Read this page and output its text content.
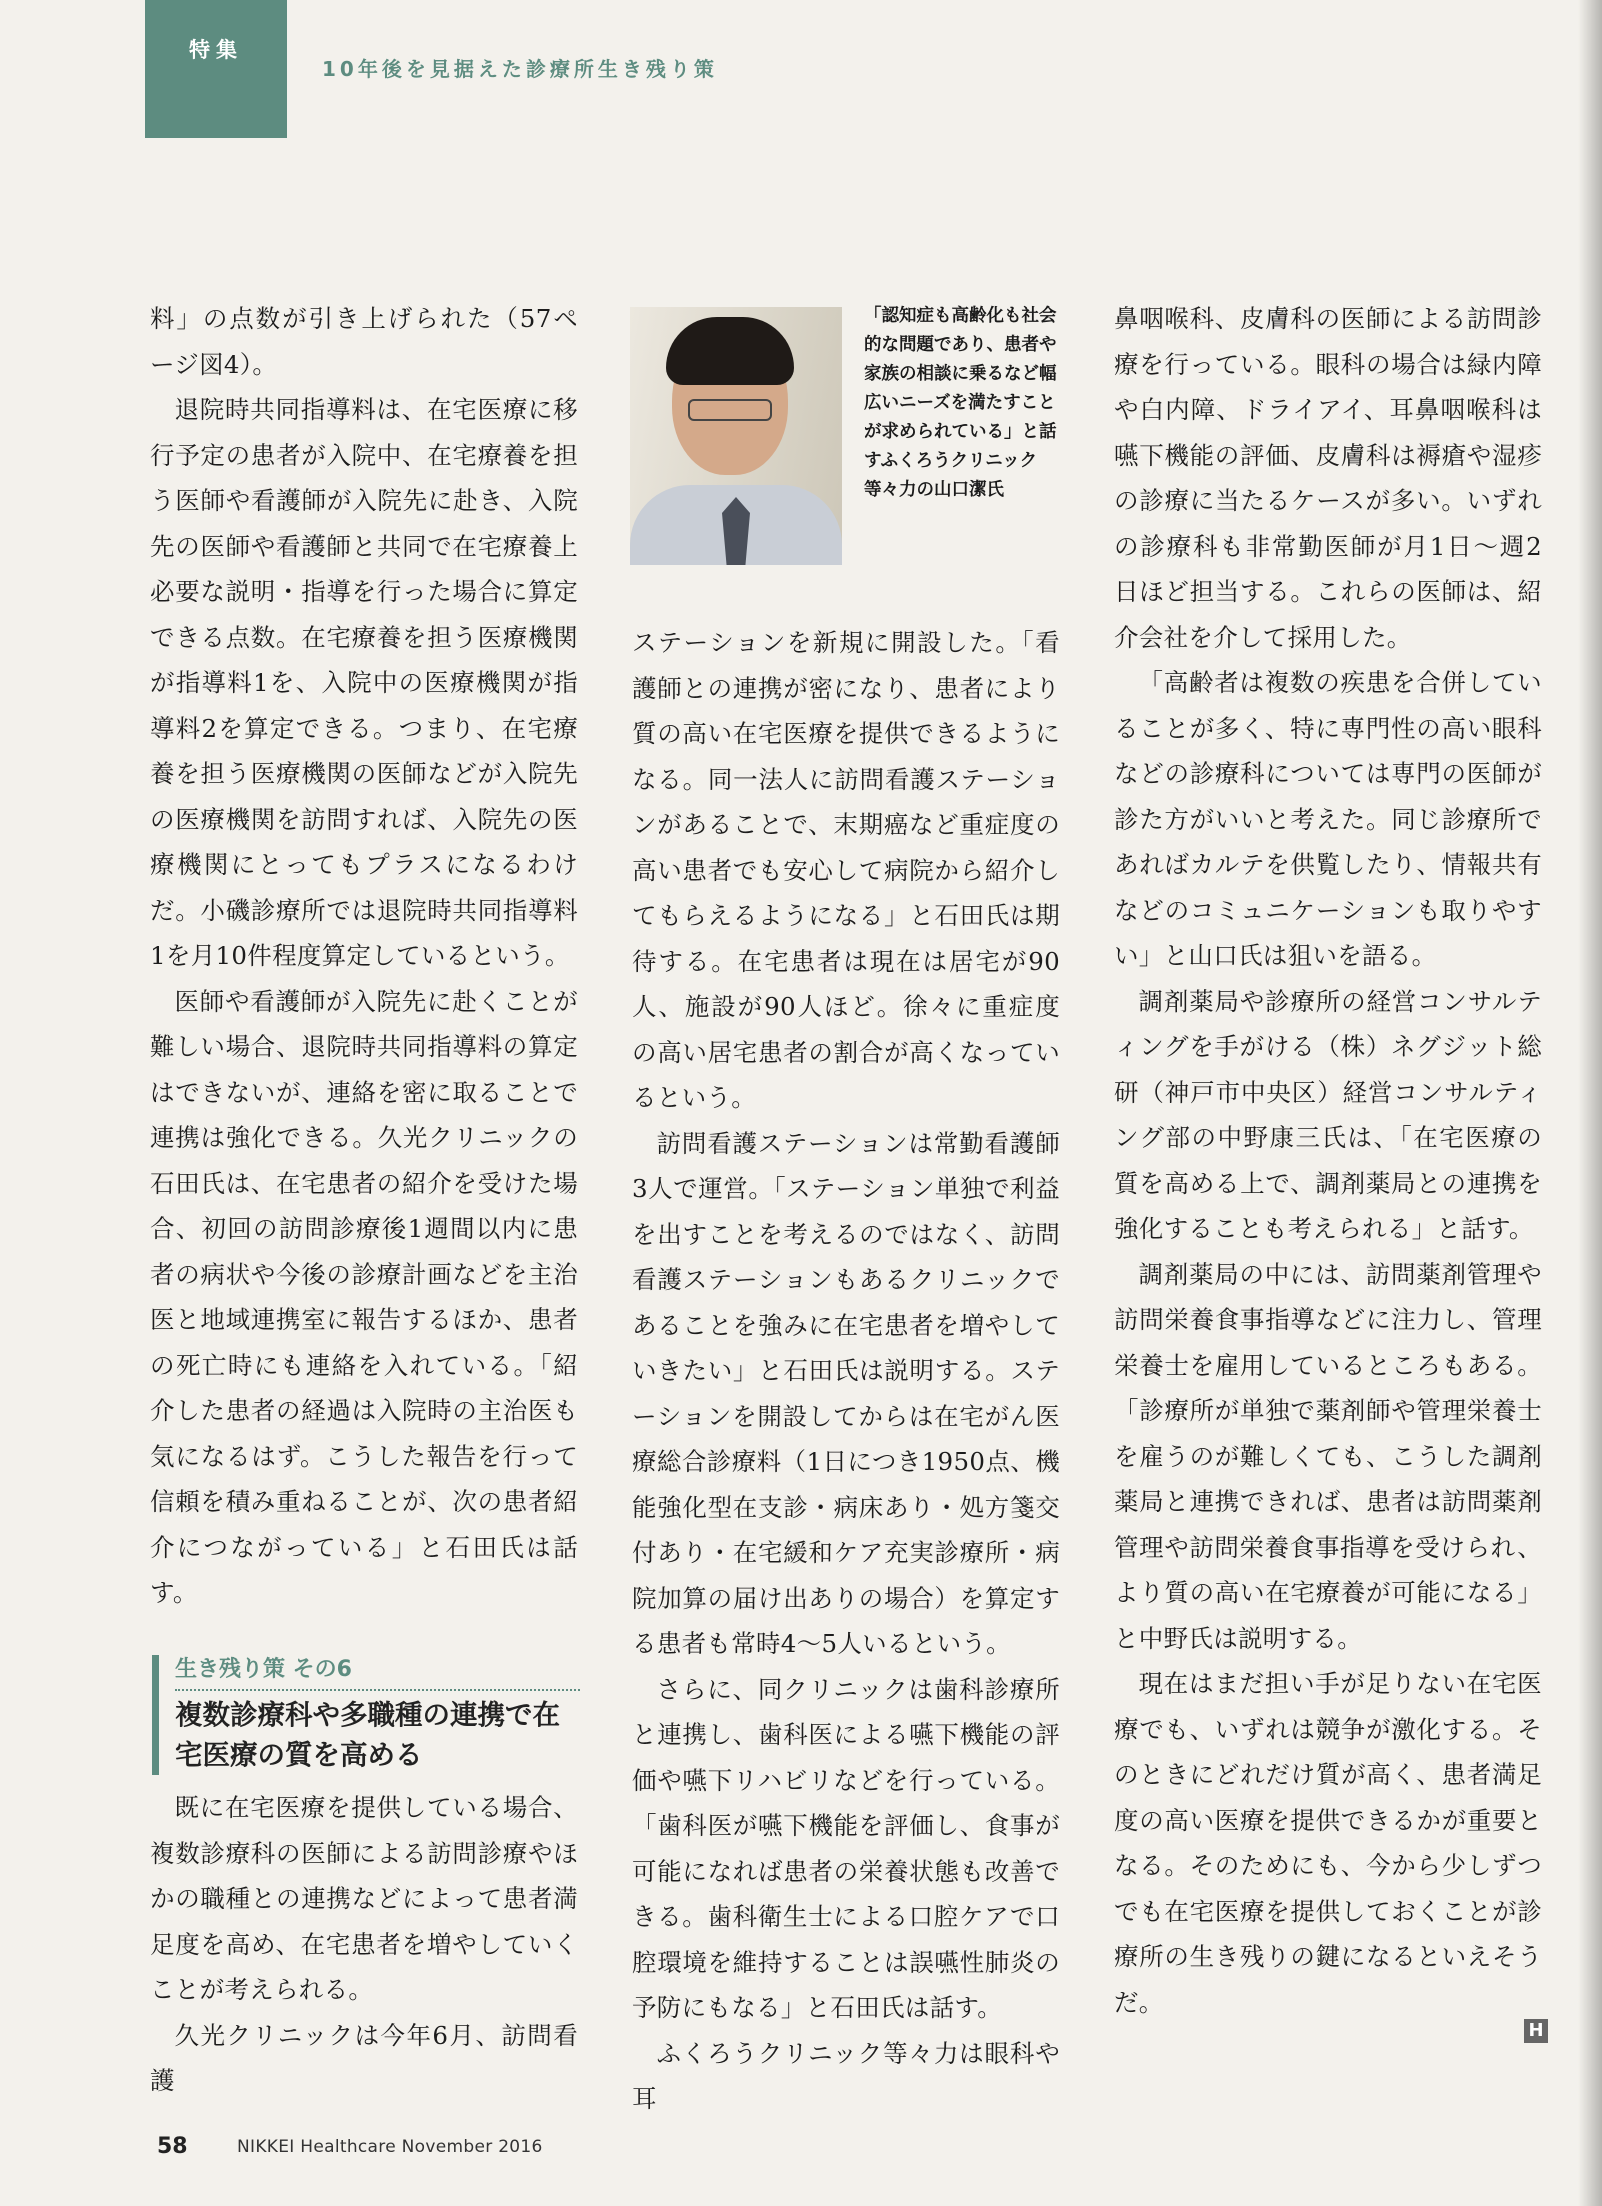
特集
10年後を見据えた診療所生き残り策

料」の点数が引き上げられた（57ページ図4）。

退院時共同指導料は、在宅医療に移行予定の患者が入院中、在宅療養を担う医師や看護師が入院先に赴き、入院先の医師や看護師と共同で在宅療養上必要な説明・指導を行った場合に算定できる点数。在宅療養を担う医療機関が指導料1を、入院中の医療機関が指導料2を算定できる。つまり、在宅療養を担う医療機関の医師などが入院先の医療機関を訪問すれば、入院先の医療機関にとってもプラスになるわけだ。小磯診療所では退院時共同指導料1を月10件程度算定しているという。

医師や看護師が入院先に赴くことが難しい場合、退院時共同指導料の算定はできないが、連絡を密に取ることで連携は強化できる。久光クリニックの石田氏は、在宅患者の紹介を受けた場合、初回の訪問診療後1週間以内に患者の病状や今後の診療計画などを主治医と地域連携室に報告するほか、患者の死亡時にも連絡を入れている。「紹介した患者の経過は入院時の主治医も気になるはず。こうした報告を行って信頼を積み重ねることが、次の患者紹介につながっている」と石田氏は話す。

生き残り策 その6
複数診療科や多職種の連携で在宅医療の質を高める

既に在宅医療を提供している場合、複数診療科の医師による訪問診療やほかの職種との連携などによって患者満足度を高め、在宅患者を増やしていくことが考えられる。

久光クリニックは今年6月、訪問看護

「認知症も高齢化も社会的な問題であり、患者や家族の相談に乗るなど幅広いニーズを満たすことが求められている」と話すふくろうクリニック等々力の山口潔氏

ステーションを新規に開設した。「看護師との連携が密になり、患者により質の高い在宅医療を提供できるようになる。同一法人に訪問看護ステーションがあることで、末期癌など重症度の高い患者でも安心して病院から紹介してもらえるようになる」と石田氏は期待する。在宅患者は現在は居宅が90人、施設が90人ほど。徐々に重症度の高い居宅患者の割合が高くなっているという。

訪問看護ステーションは常勤看護師3人で運営。「ステーション単独で利益を出すことを考えるのではなく、訪問看護ステーションもあるクリニックであることを強みに在宅患者を増やしていきたい」と石田氏は説明する。ステーションを開設してからは在宅がん医療総合診療料（1日につき1950点、機能強化型在支診・病床あり・処方箋交付あり・在宅緩和ケア充実診療所・病院加算の届け出ありの場合）を算定する患者も常時4～5人いるという。

さらに、同クリニックは歯科診療所と連携し、歯科医による嚥下機能の評価や嚥下リハビリなどを行っている。「歯科医が嚥下機能を評価し、食事が可能になれば患者の栄養状態も改善できる。歯科衛生士による口腔ケアで口腔環境を維持することは誤嚥性肺炎の予防にもなる」と石田氏は話す。

ふくろうクリニック等々力は眼科や耳

鼻咽喉科、皮膚科の医師による訪問診療を行っている。眼科の場合は緑内障や白内障、ドライアイ、耳鼻咽喉科は嚥下機能の評価、皮膚科は褥瘡や湿疹の診療に当たるケースが多い。いずれの診療科も非常勤医師が月1日～週2日ほど担当する。これらの医師は、紹介会社を介して採用した。

「高齢者は複数の疾患を合併していることが多く、特に専門性の高い眼科などの診療科については専門の医師が診た方がいいと考えた。同じ診療所であればカルテを供覧したり、情報共有などのコミュニケーションも取りやすい」と山口氏は狙いを語る。

調剤薬局や診療所の経営コンサルティングを手がける（株）ネグジット総研（神戸市中央区）経営コンサルティング部の中野康三氏は、「在宅医療の質を高める上で、調剤薬局との連携を強化することも考えられる」と話す。

調剤薬局の中には、訪問薬剤管理や訪問栄養食事指導などに注力し、管理栄養士を雇用しているところもある。「診療所が単独で薬剤師や管理栄養士を雇うのが難しくても、こうした調剤薬局と連携できれば、患者は訪問薬剤管理や訪問栄養食事指導を受けられ、より質の高い在宅療養が可能になる」と中野氏は説明する。

現在はまだ担い手が足りない在宅医療でも、いずれは競争が激化する。そのときにどれだけ質が高く、患者満足度の高い医療を提供できるかが重要となる。そのためにも、今から少しずつでも在宅医療を提供しておくことが診療所の生き残りの鍵になるといえそうだ。

H
58	NIKKEI Healthcare November 2016
